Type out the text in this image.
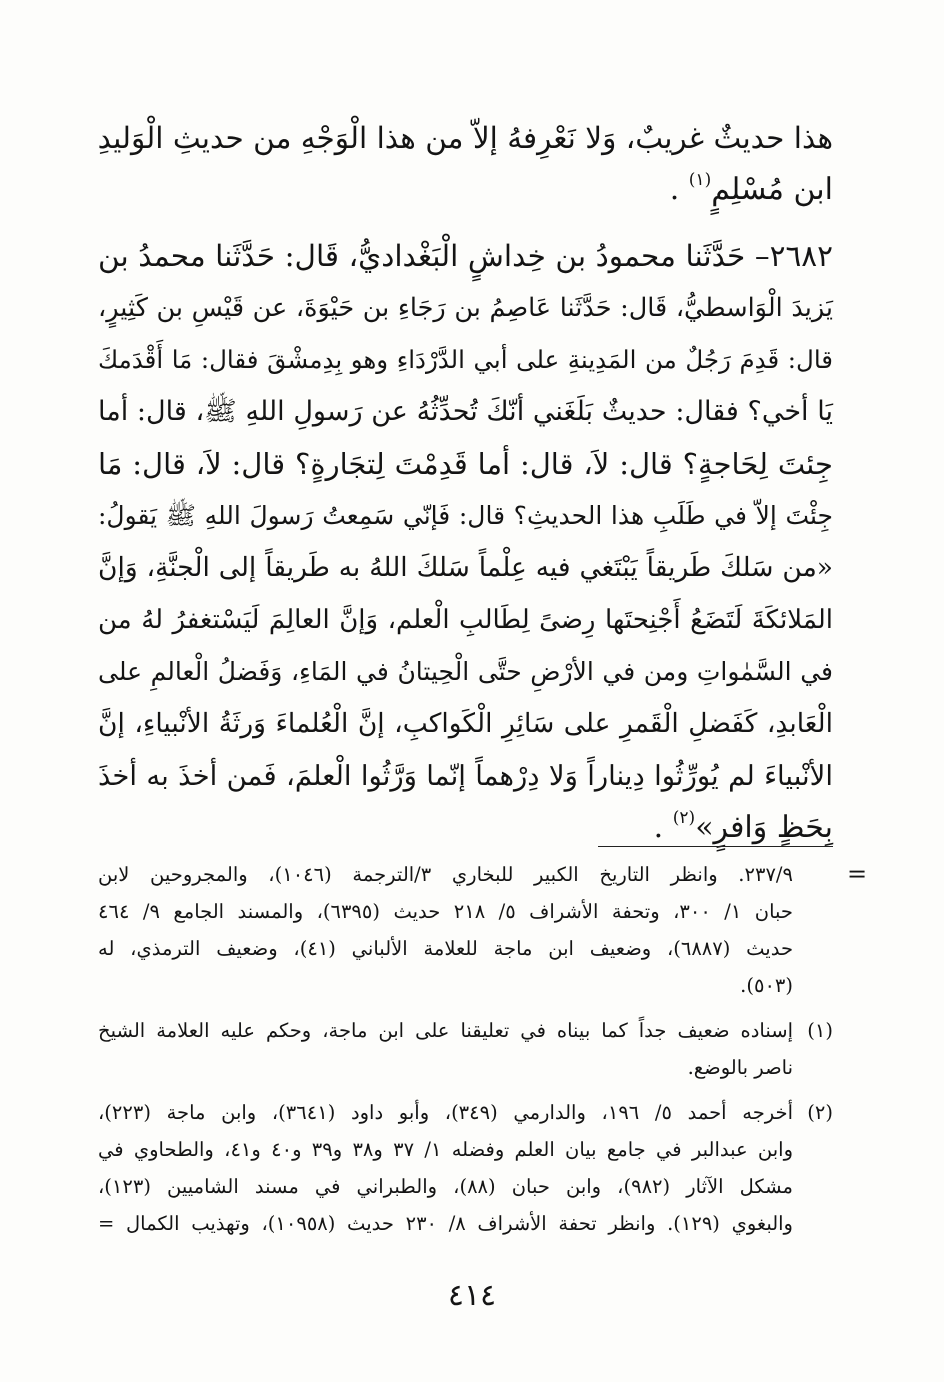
هذا حديثٌ غريبٌ، وَلا نَعْرِفهُ إلاّ من هذا الْوَجْهِ من حديثِ الْوَليدِ
ابن مُسْلِمٍ$^{(١)}$ .
٢٦٨٢– حَدَّثَنا محمودُ بن خِداشٍ الْبَغْداديُّ، قَال: حَدَّثَنا محمدُ بن
يَزيدَ الْوَاسطيُّ، قَال: حَدَّثَنا عَاصِمُ بن رَجَاءِ بن حَيْوَةَ، عن قَيْسِ بن كَثِيرٍ،
قال: قَدِمَ رَجُلٌ من المَدِينةِ على أبي الدَّرْدَاءِ وهو بِدِمشْقَ فقال: مَا أَقْدَمكَ
يَا أخي؟ فقال: حديثٌ بَلَغَني أنّكَ تُحدِّثُهُ عن رَسولِ اللهِ ﷺ، قال: أما
جِئتَ لِحَاجةٍ؟ قال: لاَ، قال: أما قَدِمْتَ لِتجَارةٍ؟ قال: لاَ، قال: مَا
جِئْتَ إلاّ في طَلَبِ هذا الحديثِ؟ قال: فَإنّي سَمِعتُ رَسولَ اللهِ ﷺ يَقولُ:
«من سَلكَ طَريقاً يَبْتَغي فيه عِلْماً سَلكَ اللهُ به طَريقاً إلى الْجنَّةِ، وَإنَّ
المَلائكَةَ لَتَضَعُ أَجْنِحتَها رِضىً لِطَالبِ الْعلم، وَإنَّ العالِمَ لَيَسْتغفرُ لهُ من
في السَّمٰواتِ ومن في الأرْضِ حتَّى الْحِيتانُ في المَاءِ، وَفَضلُ الْعالمِ على
الْعَابدِ، كَفَضلِ الْقَمرِ على سَائِرِ الْكَواكبِ، إنَّ الْعُلماءَ وَرثَةُ الأنْبياءِ، إنَّ
الأنْبياءَ لم يُورِّثُوا دِيناراً وَلا دِرْهماً إنّما وَرَّثُوا الْعلمَ، فَمن أخذَ به أخذَ
بِحَظٍ وَافرٍ»$^{(٢)}$ .
=
٢٣٧/٩. وانظر التاريخ الكبير للبخاري ٣/الترجمة (١٠٤٦)، والمجروحين لابن
حبان ١/ ٣٠٠، وتحفة الأشراف ٥/ ٢١٨ حديث (٦٣٩٥)، والمسند الجامع ٩/ ٤٦٤
حديث (٦٨٨٧)، وضعيف ابن ماجة للعلامة الألباني (٤١)، وضعيف الترمذي، له
(٥٠٣).
(١)
إسناده ضعيف جداً كما بيناه في تعليقنا على ابن ماجة، وحكم عليه العلامة الشيخ
ناصر بالوضع.
(٢)
أخرجه أحمد ٥/ ١٩٦، والدارمي (٣٤٩)، وأبو داود (٣٦٤١)، وابن ماجة (٢٢٣)،
وابن عبدالبر في جامع بيان العلم وفضله ١/ ٣٧ و٣٨ و٣٩ و٤٠ و٤١، والطحاوي في
مشكل الآثار (٩٨٢)، وابن حبان (٨٨)، والطبراني في مسند الشاميين (١٢٣)،
والبغوي (١٢٩). وانظر تحفة الأشراف ٨/ ٢٣٠ حديث (١٠٩٥٨)، وتهذيب الكمال =
٤١٤
